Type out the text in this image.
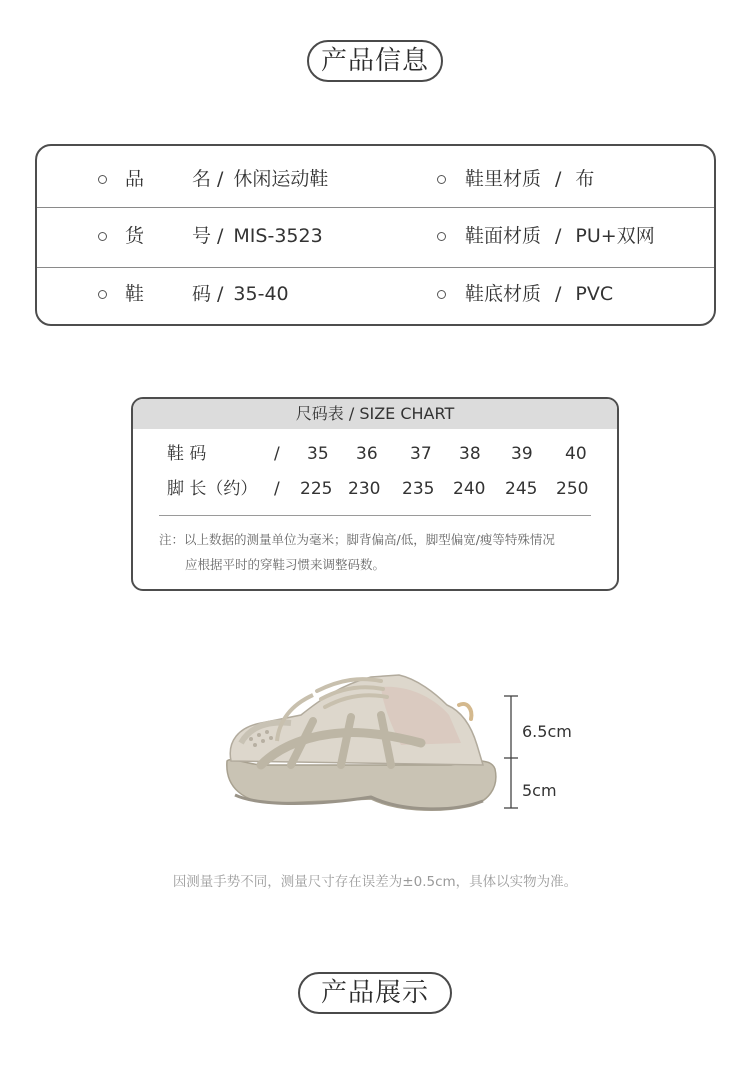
产品信息
品名 / 休闲运动鞋	鞋里材质 / 布
货号 / MIS-3523	鞋面材质 / PU+双网
鞋码 / 35-40	鞋底材质 / PVC
尺码表 / SIZE CHART
鞋 码	/ 35 36 37 38 39 40
脚 长（约） / 225 230 235 240 245 250
注：以上数据的测量单位为毫米；脚背偏高/低，脚型偏宽/瘦等特殊情况
应根据平时的穿鞋习惯来调整码数。
6.5cm
5cm
因测量手势不同，测量尺寸存在误差为±0.5cm，具体以实物为准。
产品展示
